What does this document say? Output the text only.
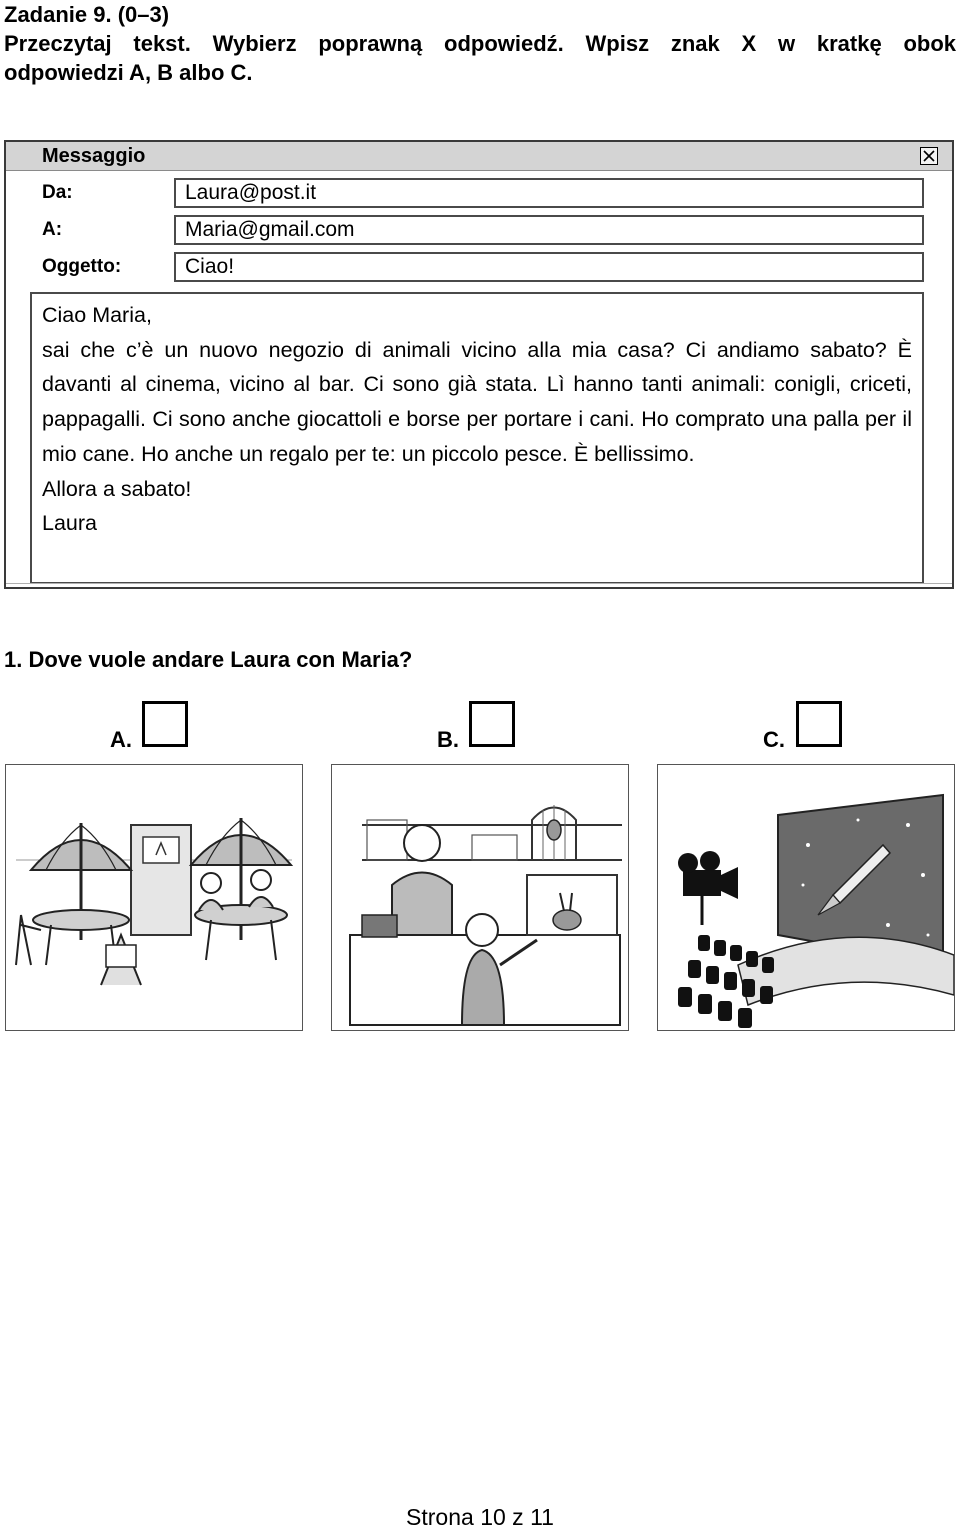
Zadanie 9. (0–3)
Przeczytaj tekst. Wybierz poprawną odpowiedź. Wpisz znak X w kratkę obok
odpowiedzi A, B albo C.
Messaggio
Da:	Laura@post.it
A:	Maria@gmail.com
Oggetto:	Ciao!

Ciao Maria,

sai che c’è un nuovo negozio di animali vicino alla mia casa? Ci andiamo sabato? È davanti al cinema, vicino al bar. Ci sono già stata. Lì hanno tanti animali: conigli, criceti, pappagalli. Ci sono anche giocattoli e borse per portare i cani. Ho comprato una palla per il mio cane. Ho anche un regalo per te: un piccolo pesce. È bellissimo.

Allora a sabato!

Laura

1. Dove vuole andare Laura con Maria?
A.	B.	C.
Strona 10 z 11
